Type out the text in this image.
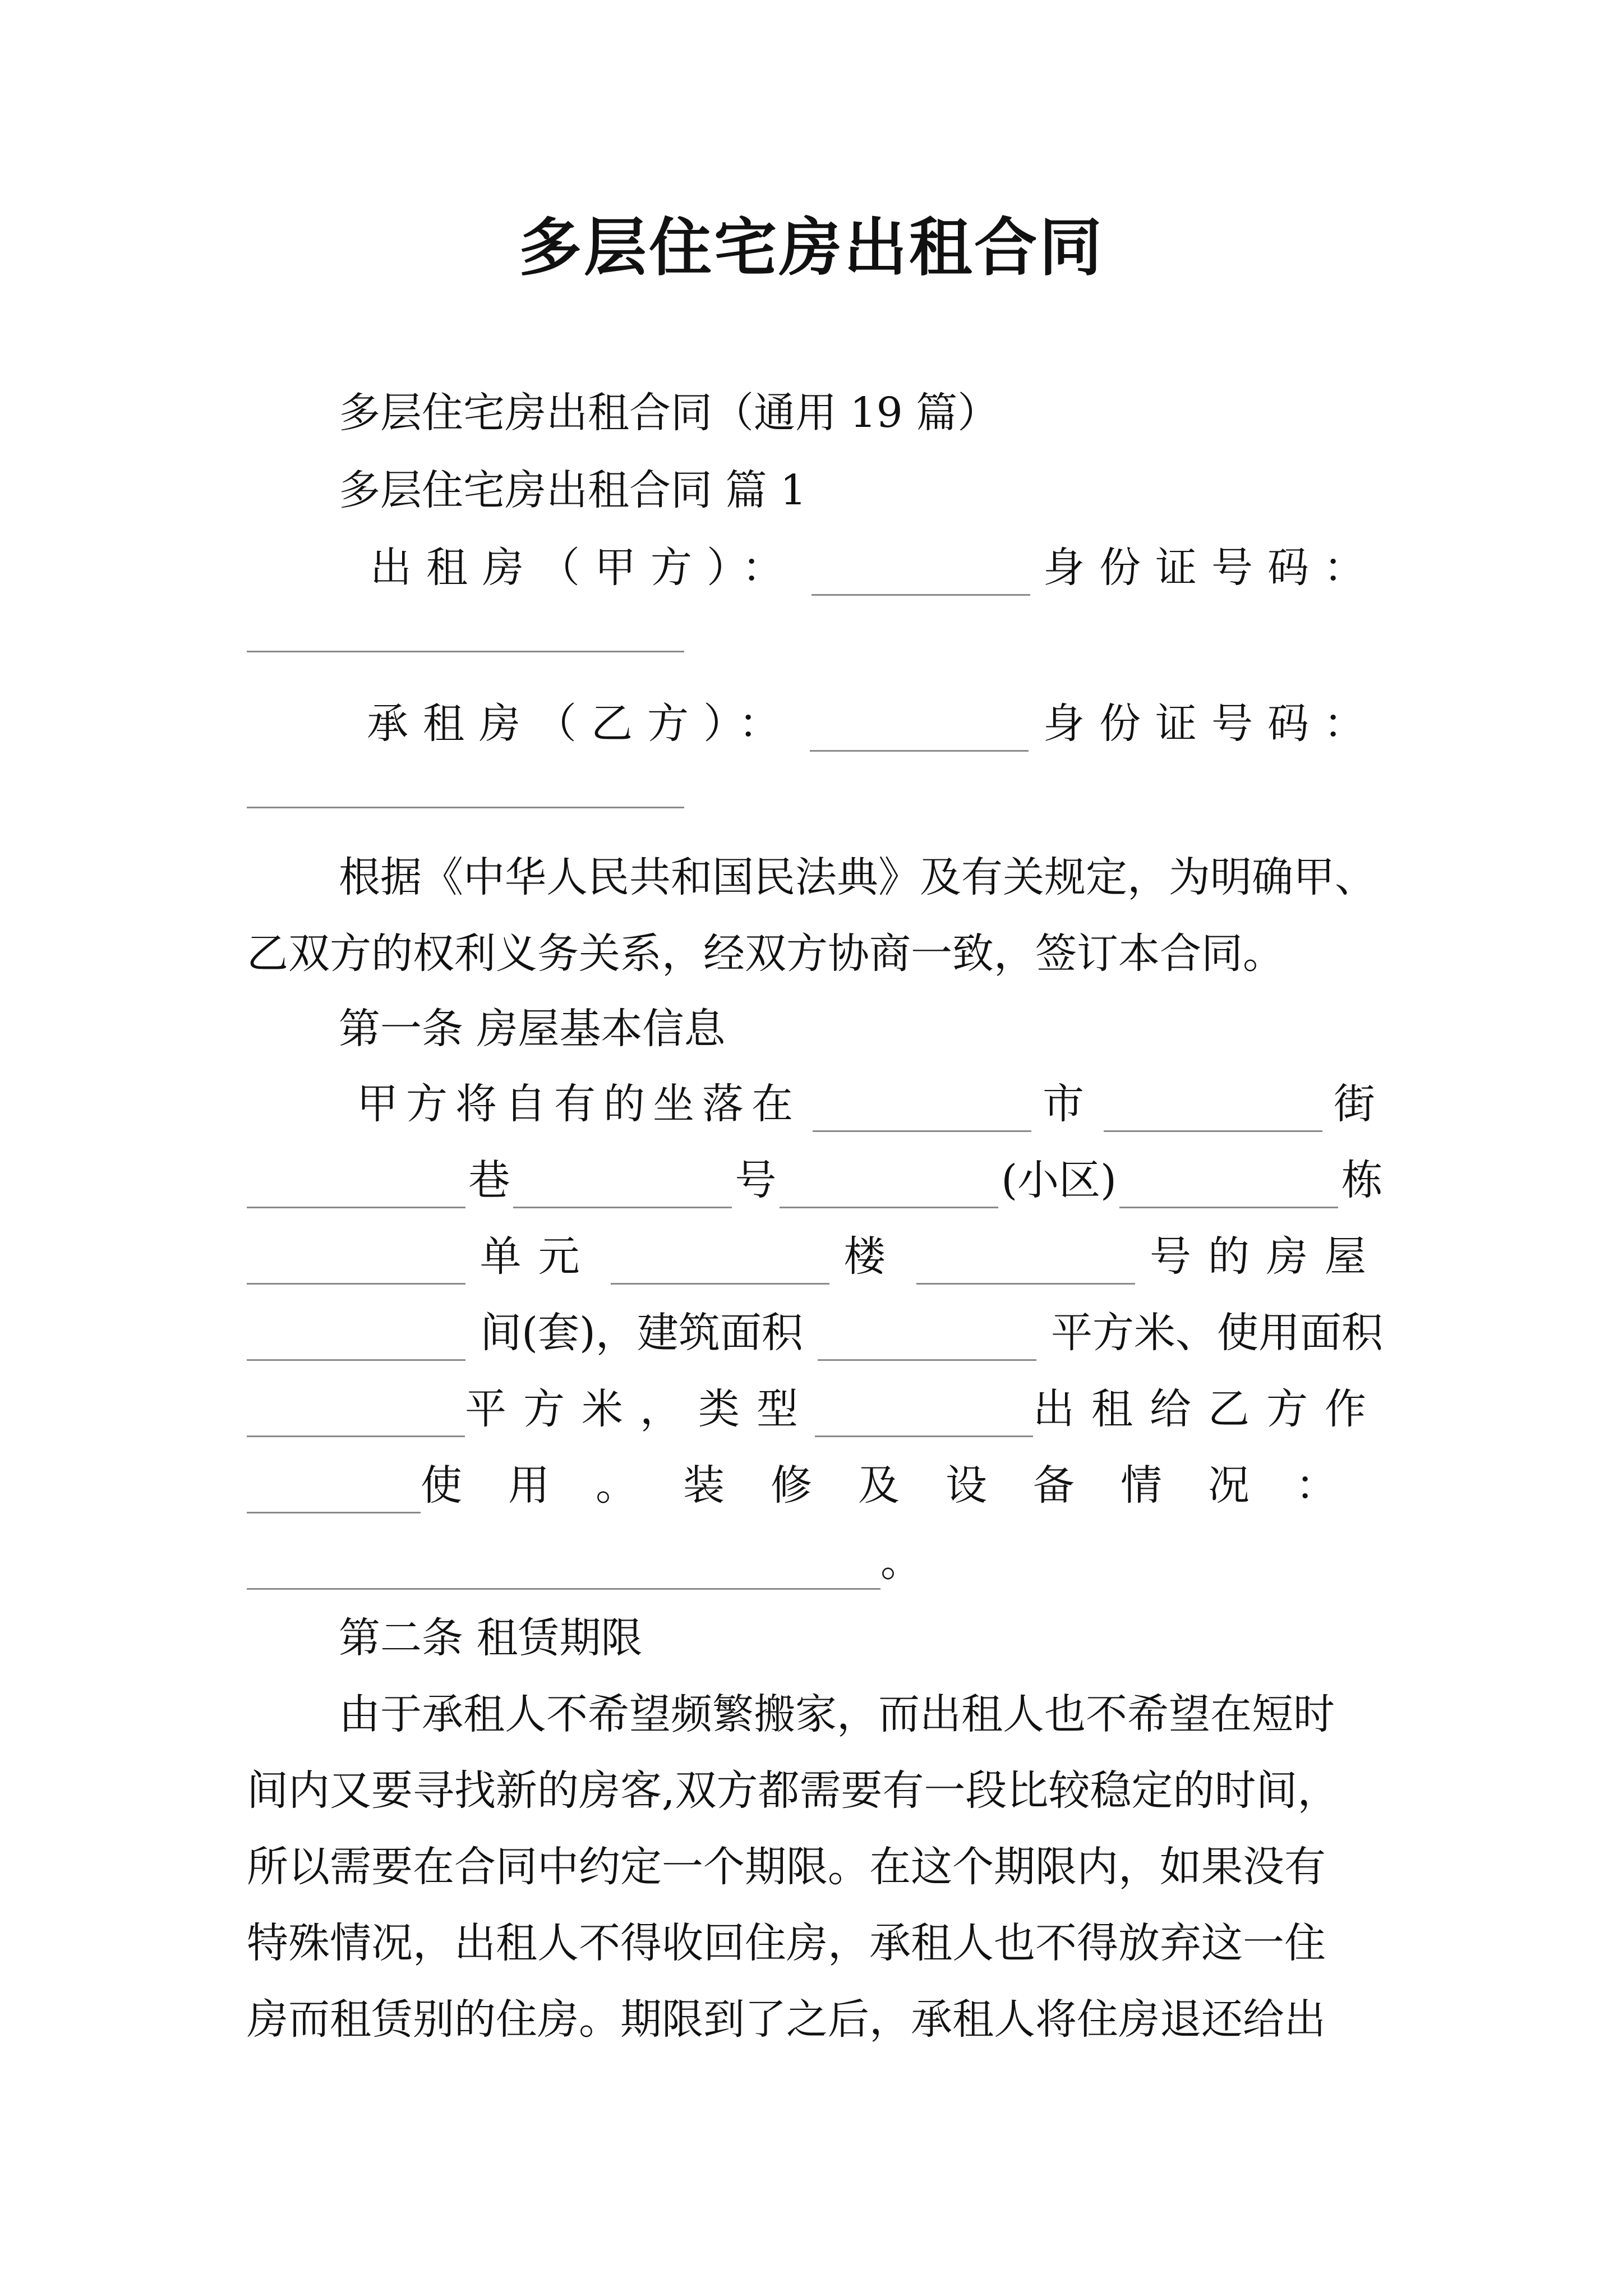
多层住宅房出租合同
多层住宅房出租合同（通用 19 篇）
多层住宅房出租合同 篇 1
出租房（甲方）：	身份证号码：
承租房（乙方）：	身份证号码：
根据《中华人民共和国民法典》及有关规定，为明确甲、
乙双方的权利义务关系，经双方协商一致，签订本合同。
第一条 房屋基本信息
甲方将自有的坐落在	市	街
巷	号	(小区)	栋
单元	楼	号的房屋
间(套)，建筑面积	平方米、使用面积
平方米，类型	出租给乙方作
使用。装修及设备情况：
。
第二条 租赁期限
由于承租人不希望频繁搬家，而出租人也不希望在短时
间内又要寻找新的房客,双方都需要有一段比较稳定的时间，
所以需要在合同中约定一个期限。在这个期限内，如果没有
特殊情况，出租人不得收回住房，承租人也不得放弃这一住
房而租赁别的住房。期限到了之后，承租人将住房退还给出
